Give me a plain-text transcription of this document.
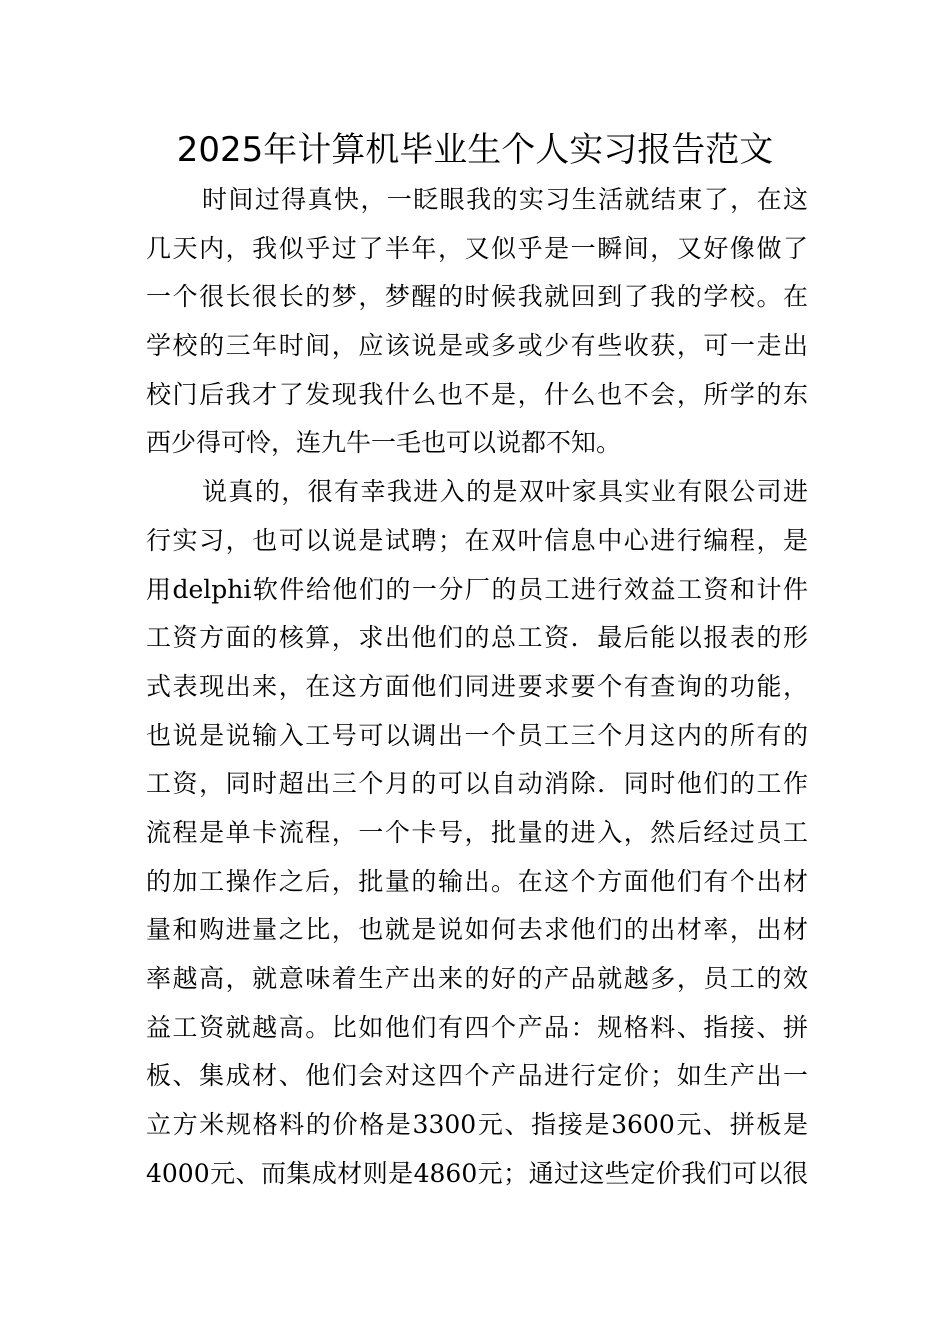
2025年计算机毕业生个人实习报告范文

时间过得真快，一眨眼我的实习生活就结束了，在这
几天内，我似乎过了半年，又似乎是一瞬间，又好像做了
一个很长很长的梦，梦醒的时候我就回到了我的学校。在
学校的三年时间，应该说是或多或少有些收获，可一走出
校门后我才了发现我什么也不是，什么也不会，所学的东
西少得可怜，连九牛一毛也可以说都不知。

说真的，很有幸我进入的是双叶家具实业有限公司进
行实习，也可以说是试聘；在双叶信息中心进行编程，是
用delphi软件给他们的一分厂的员工进行效益工资和计件
工资方面的核算，求出他们的总工资．最后能以报表的形
式表现出来，在这方面他们同进要求要个有查询的功能，
也说是说输入工号可以调出一个员工三个月这内的所有的
工资，同时超出三个月的可以自动消除．同时他们的工作
流程是单卡流程，一个卡号，批量的进入，然后经过员工
的加工操作之后，批量的输出。在这个方面他们有个出材
量和购进量之比，也就是说如何去求他们的出材率，出材
率越高，就意味着生产出来的好的产品就越多，员工的效
益工资就越高。比如他们有四个产品：规格料、指接、拼
板、集成材、他们会对这四个产品进行定价；如生产出一
立方米规格料的价格是3300元、指接是3600元、拼板是
4000元、而集成材则是4860元；通过这些定价我们可以很
